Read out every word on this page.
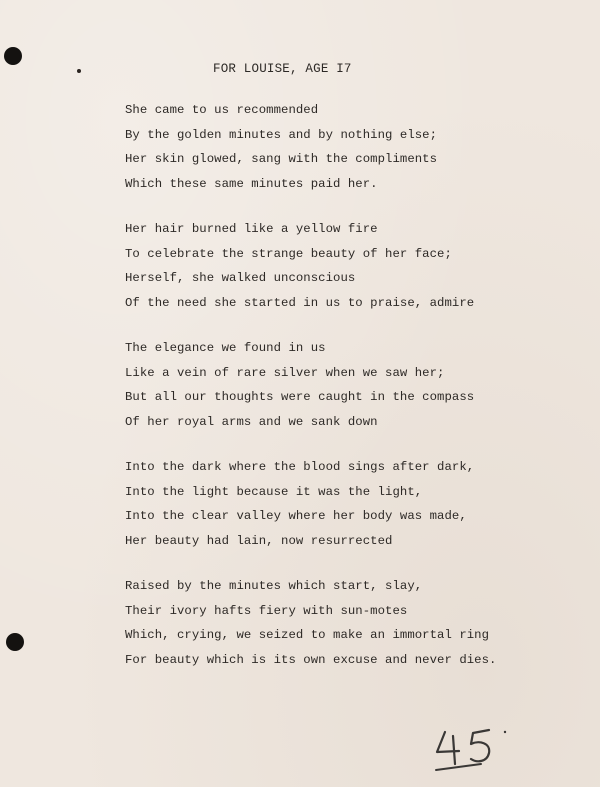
FOR LOUISE, AGE I7
She came to us recommended
By the golden minutes and by nothing else;
Her skin glowed, sang with the compliments
Which these same minutes paid her.
Her hair burned like a yellow fire
To celebrate the strange beauty of her face;
Herself, she walked unconscious
Of the need she started in us to praise, admire
The elegance we found in us
Like a vein of rare silver when we saw her;
But all our thoughts were caught in the compass
Of her royal arms and we sank down
Into the dark where the blood sings after dark,
Into the light because it was the light,
Into the clear valley where her body was made,
Her beauty had lain, now resurrected
Raised by the minutes which start, slay,
Their ivory hafts fiery with sun-motes
Which, crying, we seized to make an immortal ring
For beauty which is its own excuse and never dies.
